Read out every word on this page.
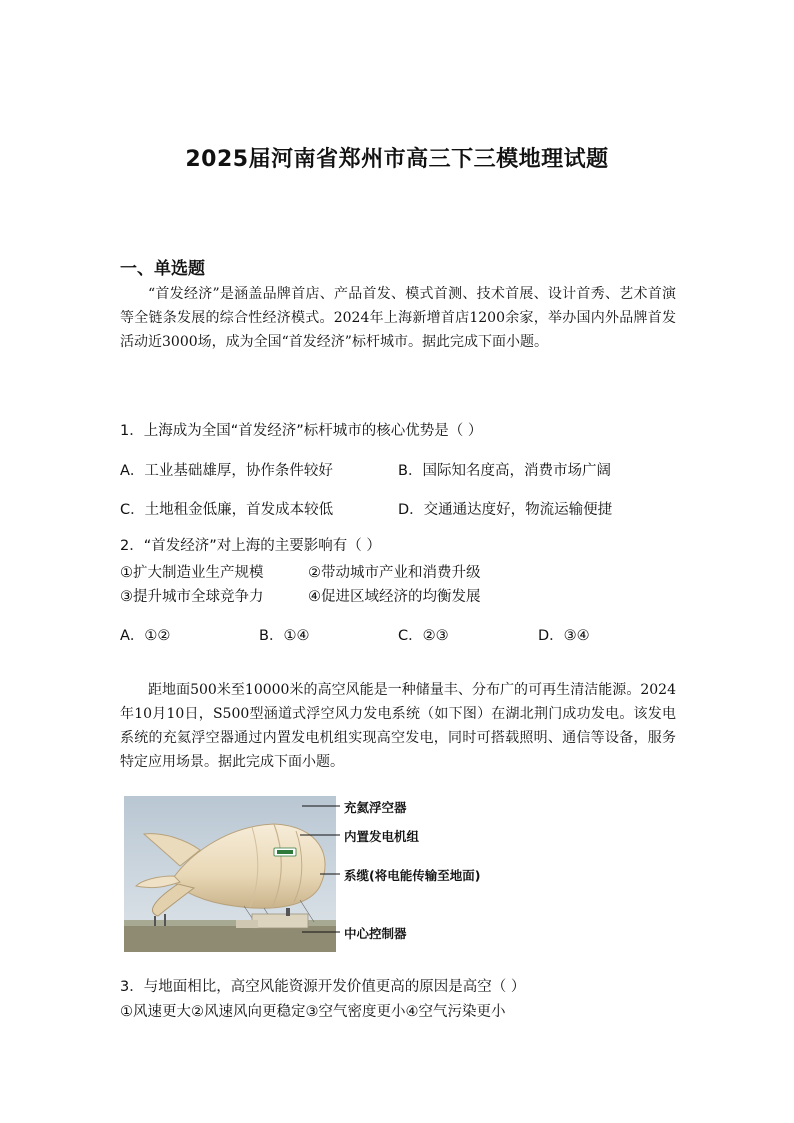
2025届河南省郑州市高三下三模地理试题
一、单选题
“首发经济”是涵盖品牌首店、产品首发、模式首测、技术首展、设计首秀、艺术首演等全链条发展的综合性经济模式。2024年上海新增首店1200余家，举办国内外品牌首发活动近3000场，成为全国“首发经济”标杆城市。据此完成下面小题。
1．上海成为全国“首发经济”标杆城市的核心优势是（ ）
A．工业基础雄厚，协作条件较好	B．国际知名度高，消费市场广阔
C．土地租金低廉，首发成本较低	D．交通通达度好，物流运输便捷
2．“首发经济”对上海的主要影响有（ ）
①扩大制造业生产规模	②带动城市产业和消费升级
③提升城市全球竞争力	④促进区域经济的均衡发展
A．①②	B．①④	C．②③	D．③④
距地面500米至10000米的高空风能是一种储量丰、分布广的可再生清洁能源。2024年10月10日，S500型涵道式浮空风力发电系统（如下图）在湖北荆门成功发电。该发电系统的充氦浮空器通过内置发电机组实现高空发电，同时可搭载照明、通信等设备，服务特定应用场景。据此完成下面小题。
充氦浮空器
内置发电机组
系缆(将电能传输至地面)
中心控制器
3．与地面相比，高空风能资源开发价值更高的原因是高空（ ）
①风速更大②风速风向更稳定③空气密度更小④空气污染更小
